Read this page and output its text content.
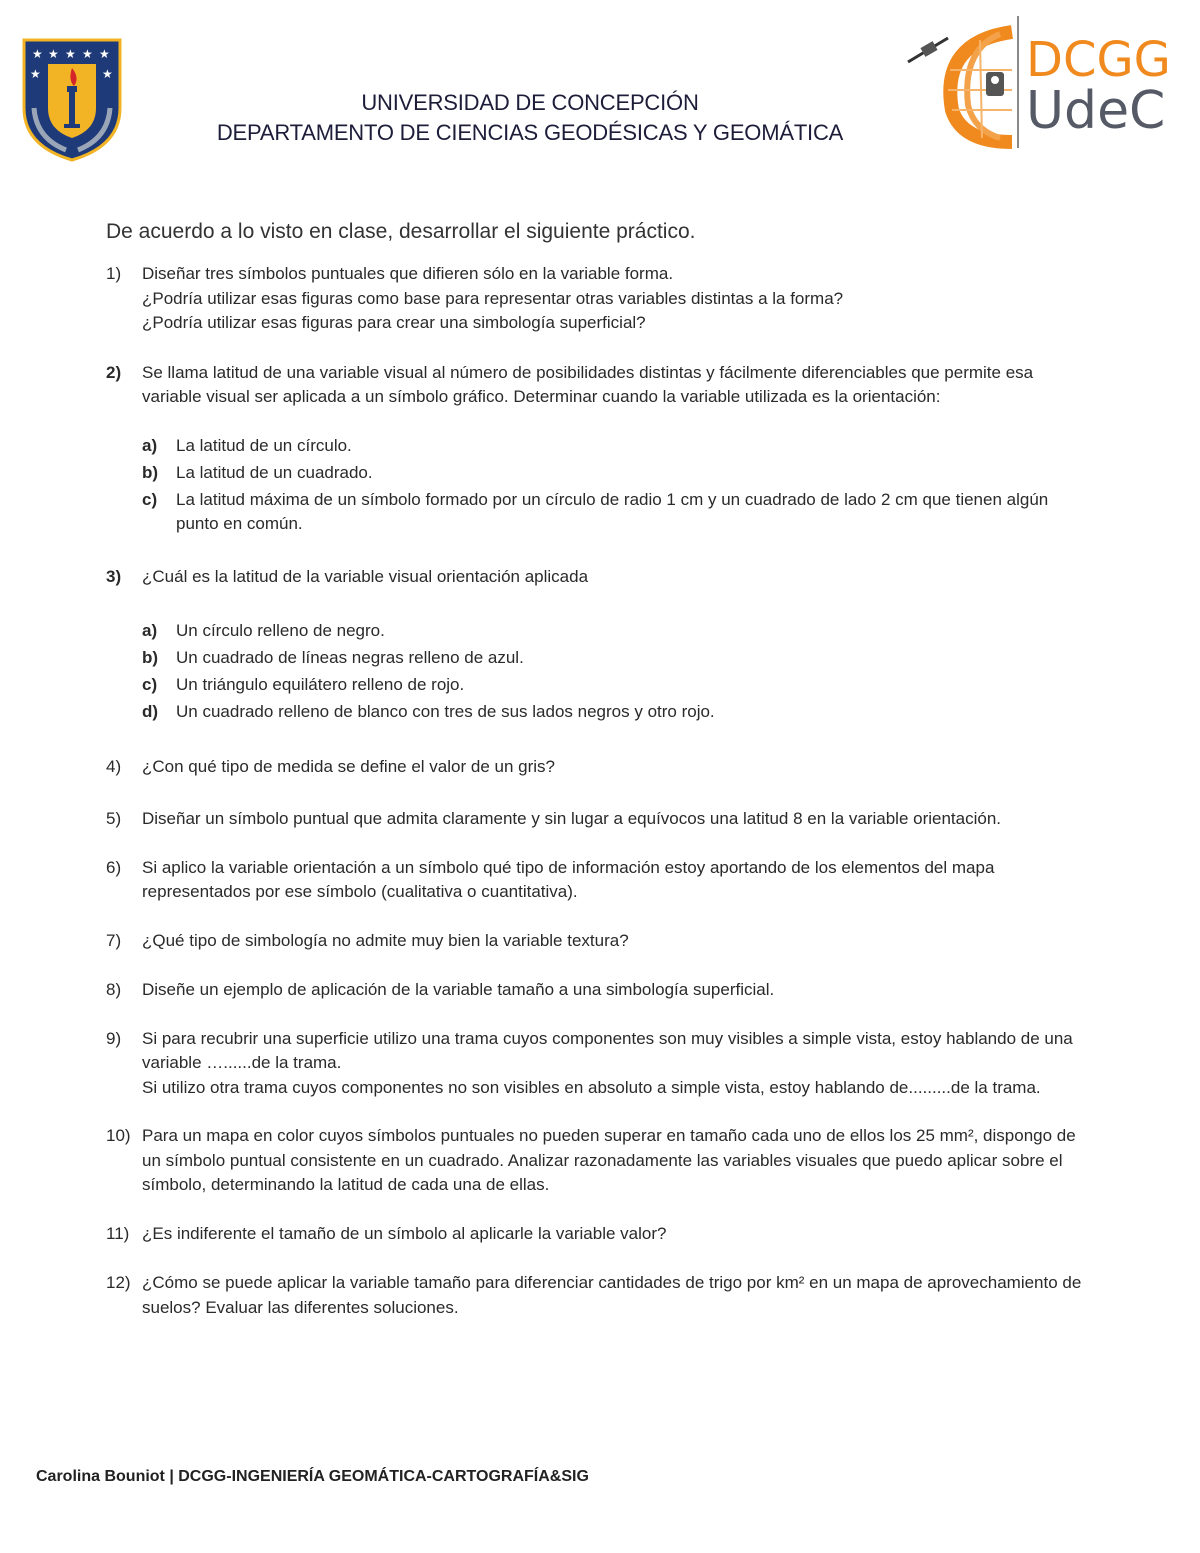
★ ★ ★ ★ ★
★	★	DCGG
UdeC
UNIVERSIDAD DE CONCEPCIÓN
DEPARTAMENTO DE CIENCIAS GEODÉSICAS Y GEOMÁTICA
De acuerdo a lo visto en clase, desarrollar el siguiente práctico.
1)	Diseñar tres símbolos puntuales que difieren sólo en la variable forma.
¿Podría utilizar esas figuras como base para representar otras variables distintas a la forma?
¿Podría utilizar esas figuras para crear una simbología superficial?
2)	Se llama latitud de una variable visual al número de posibilidades distintas y fácilmente diferenciables que permite esa variable visual ser aplicada a un símbolo gráfico. Determinar cuando la variable utilizada es la orientación:
a)	La latitud de un círculo.
b)	La latitud de un cuadrado.
c)	La latitud máxima de un símbolo formado por un círculo de radio 1 cm y un cuadrado de lado 2 cm que tienen algún punto en común.
3)	¿Cuál es la latitud de la variable visual orientación aplicada
a)	Un círculo relleno de negro.
b)	Un cuadrado de líneas negras relleno de azul.
c)	Un triángulo equilátero relleno de rojo.
d)	Un cuadrado relleno de blanco con tres de sus lados negros y otro rojo.
4)	¿Con qué tipo de medida se define el valor de un gris?
5)	Diseñar un símbolo puntual que admita claramente y sin lugar a equívocos una latitud 8 en la variable orientación.
6)	Si aplico la variable orientación a un símbolo qué tipo de información estoy aportando de los elementos del mapa representados por ese símbolo (cualitativa o cuantitativa).
7)	¿Qué tipo de simbología no admite muy bien la variable textura?
8)	Diseñe un ejemplo de aplicación de la variable tamaño a una simbología superficial.
9)	Si para recubrir una superficie utilizo una trama cuyos componentes son muy visibles a simple vista, estoy hablando de una variable …......de la trama.
Si utilizo otra trama cuyos componentes no son visibles en absoluto a simple vista, estoy hablando de.........de la trama.
10) Para un mapa en color cuyos símbolos puntuales no pueden superar en tamaño cada uno de ellos los 25 mm², dispongo de un símbolo puntual consistente en un cuadrado. Analizar razonadamente las variables visuales que puedo aplicar sobre el símbolo, determinando la latitud de cada una de ellas.
11) ¿Es indiferente el tamaño de un símbolo al aplicarle la variable valor?
12) ¿Cómo se puede aplicar la variable tamaño para diferenciar cantidades de trigo por km² en un mapa de aprovechamiento de suelos? Evaluar las diferentes soluciones.
Carolina Bouniot | DCGG-INGENIERÍA GEOMÁTICA-CARTOGRAFÍA&SIG
